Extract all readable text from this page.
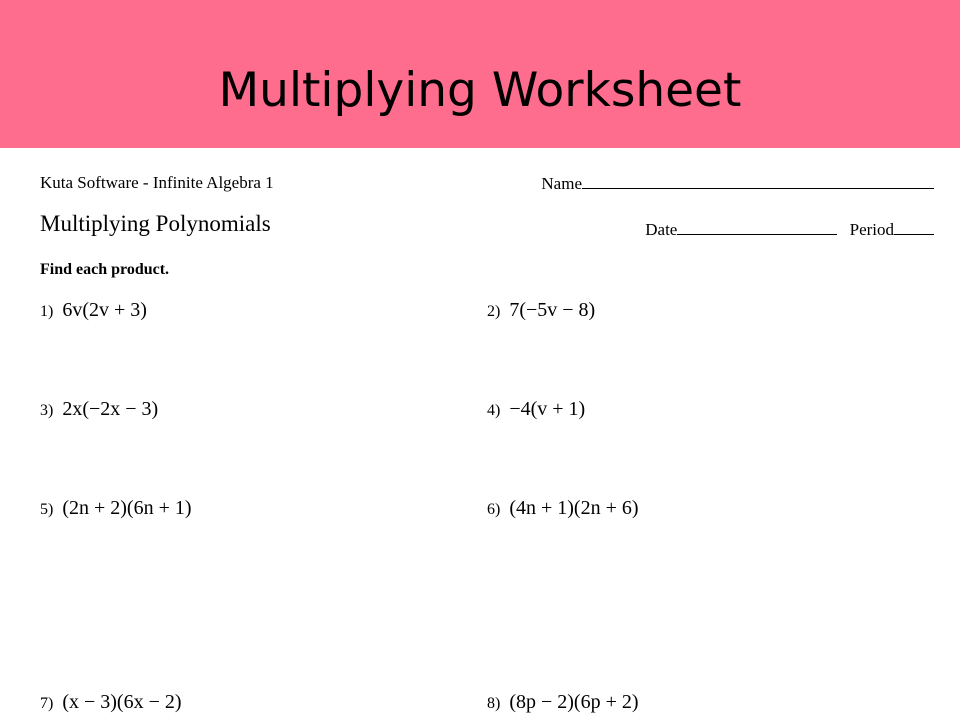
Multiplying Worksheet
Kuta Software - Infinite Algebra 1	Name
Multiplying Polynomials	Date	Period
Find each product.
1) 6v(2v + 3)	2) 7(−5v − 8)
3) 2x(−2x − 3)	4) −4(v + 1)
5) (2n + 2)(6n + 1)	6) (4n + 1)(2n + 6)
7) (x − 3)(6x − 2)	8) (8p − 2)(6p + 2)
